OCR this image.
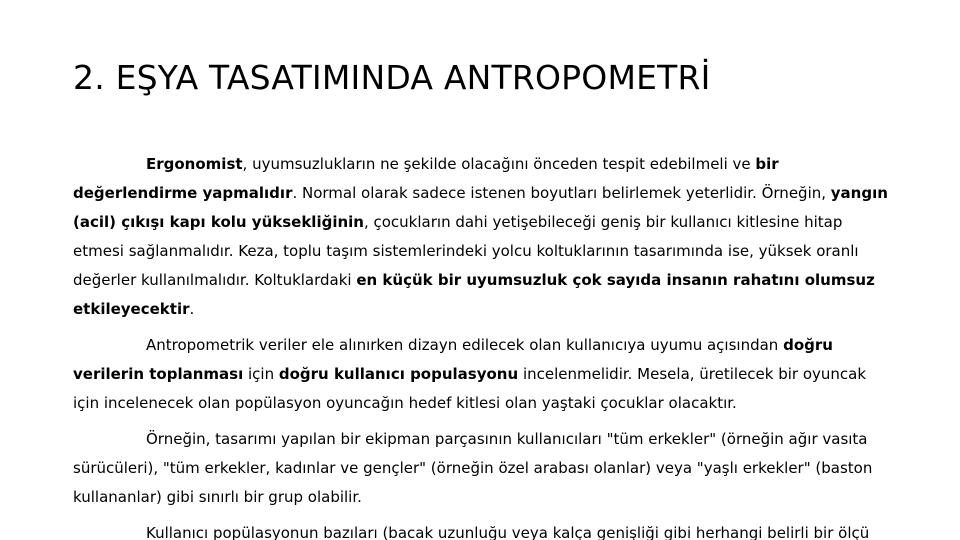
2. EŞYA TASATIMINDA ANTROPOMETRİ

Ergonomist, uyumsuzlukların ne şekilde olacağını önceden tespit edebilmeli ve bir değerlendirme yapmalıdır. Normal olarak sadece istenen boyutları belirlemek yeterlidir. Örneğin, yangın (acil) çıkışı kapı kolu yüksekliğinin, çocukların dahi yetişebileceği geniş bir kullanıcı kitlesine hitap etmesi sağlanmalıdır. Keza, toplu taşım sistemlerindeki yolcu koltuklarının tasarımında ise, yüksek oranlı değerler kullanılmalıdır. Koltuklardaki en küçük bir uyumsuzluk çok sayıda insanın rahatını olumsuz etkileyecektir.

Antropometrik veriler ele alınırken dizayn edilecek olan kullanıcıya uyumu açısından doğru verilerin toplanması için doğru kullanıcı populasyonu incelenmelidir. Mesela, üretilecek bir oyuncak için incelenecek olan popülasyon oyuncağın hedef kitlesi olan yaştaki çocuklar olacaktır.

Örneğin, tasarımı yapılan bir ekipman parçasının kullanıcıları "tüm erkekler" (örneğin ağır vasıta sürücüleri), "tüm erkekler, kadınlar ve gençler" (örneğin özel arabası olanlar) veya "yaşlı erkekler" (baston kullananlar) gibi sınırlı bir grup olabilir.

Kullanıcı popülasyonun bazıları (bacak uzunluğu veya kalça genişliği gibi herhangi belirli bir ölçü
